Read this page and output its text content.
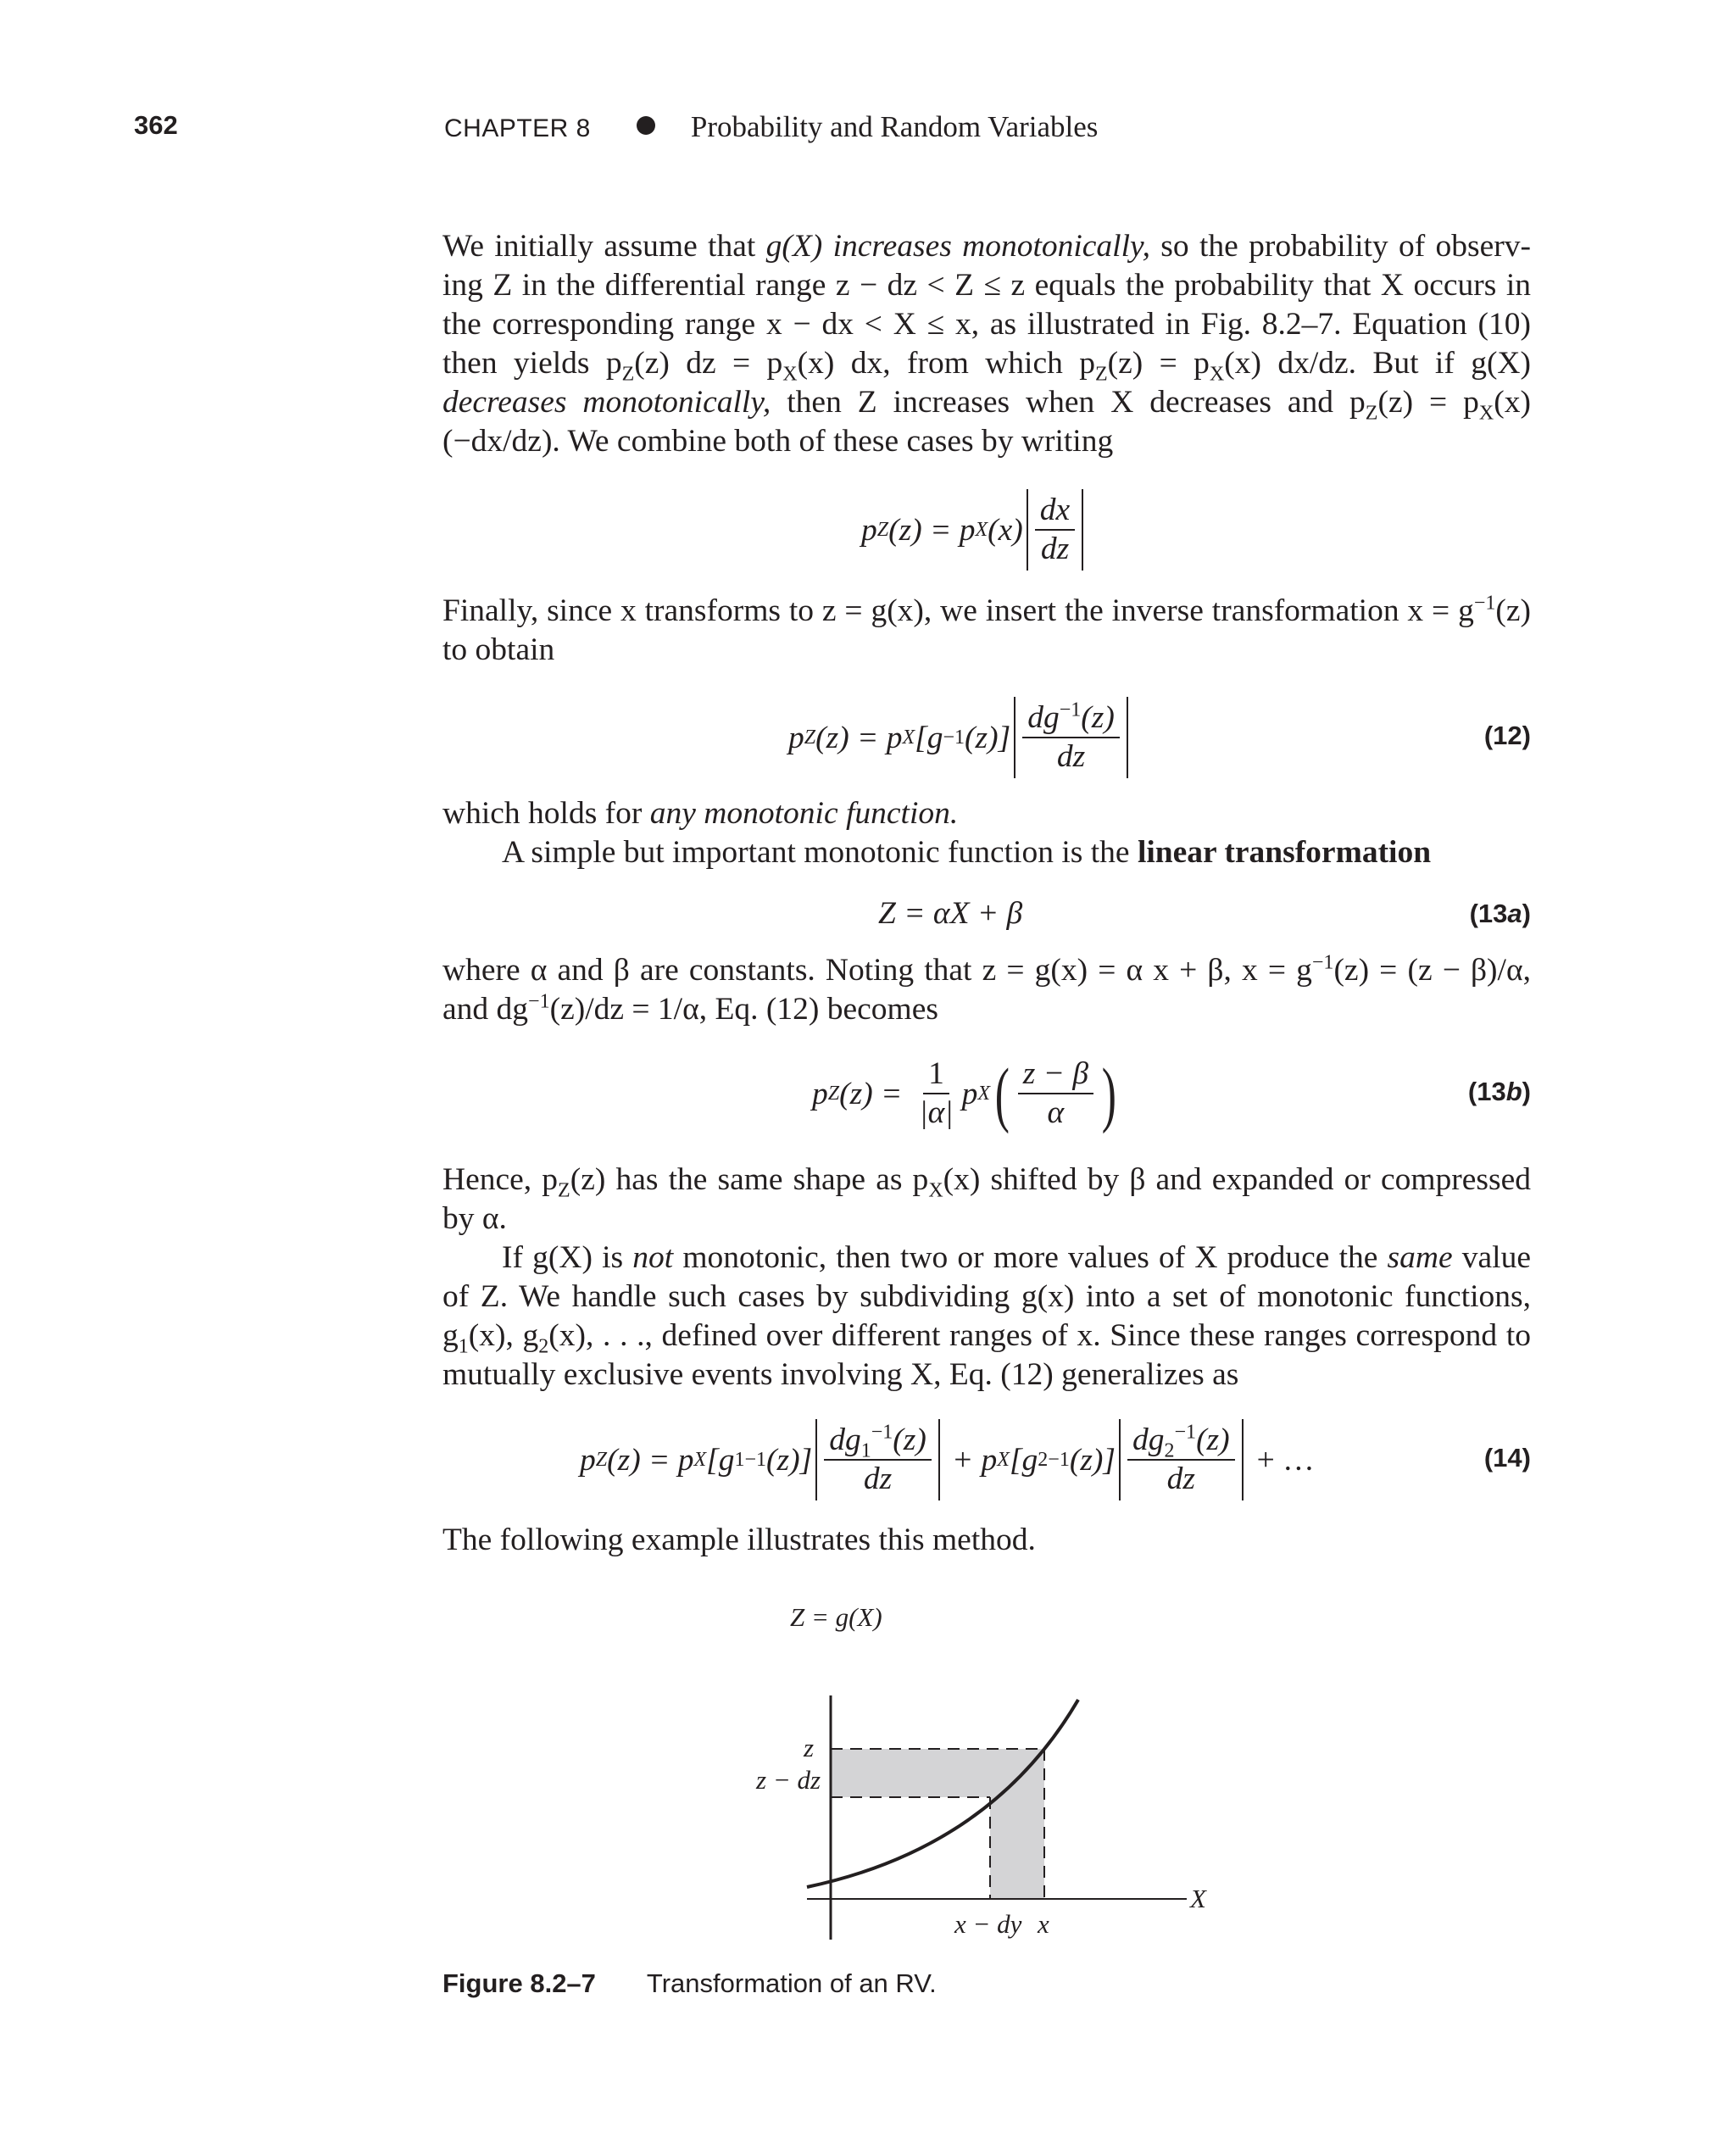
362	CHAPTER 8	Probability and Random Variables

We initially assume that g(X) increases monotonically, so the probability of observing Z in the differential range z − dz < Z ≤ z equals the probability that X occurs in the corresponding range x − dx < X ≤ x, as illustrated in Fig. 8.2–7. Equation (10) then yields $p_Z(z)$ dz = $p_X(x)$ dx, from which $p_Z(z) = p_X(x)$ dx/dz. But if g(X) decreases monotonically, then Z increases when X decreases and $p_Z(z) = p_X(x)(-dx/dz)$. We combine both of these cases by writing

p Z (z) = p X $(x) \frac{dx}{dz}$

Finally, since x transforms to z = g(x), we insert the inverse transformation $x = g^{-1}(z)$ to obtain

p Z (z) = p X [g −1 $(z)] \frac{dg^{-1}(z)}{dz}$	(12)

which holds for any monotonic function.

A simple but important monotonic function is the linear transformation

Z = αX + β	(13a)

where α and β are constants. Noting that z = g(x) = α x + β, $x = g^{-1}(z) = (z - \beta)/\alpha$, and $dg^{-1}(z)/dz = 1/\alpha$, Eq. (12) becomes

p Z $(z) = \frac{1}{|\alpha|}$ p X ( $\frac{z - \beta}{\alpha}$ )	(13b)

Hence, $p_Z(z)$ has the same shape as $p_X(x)$ shifted by β and expanded or compressed by α.

If g(X) is not monotonic, then two or more values of X produce the same value of Z. We handle such cases by subdividing g(x) into a set of monotonic functions, $g_1(x)$, $g_2(x)$, . . ., defined over different ranges of x. Since these ranges correspond to mutually exclusive events involving X, Eq. (12) generalizes as

p Z (z) = p X [g 1 −1 $(z)] \frac{dg_1^{-1}(z)}{dz} + p$ X [g 2 −1 $(z)] \frac{dg_2^{-1}(z)}{dz}$ + …	(14)

The following example illustrates this method.

Z = g(X)
z
z − dz
X
x − dy x
Figure 8.2–7 Transformation of an RV.
